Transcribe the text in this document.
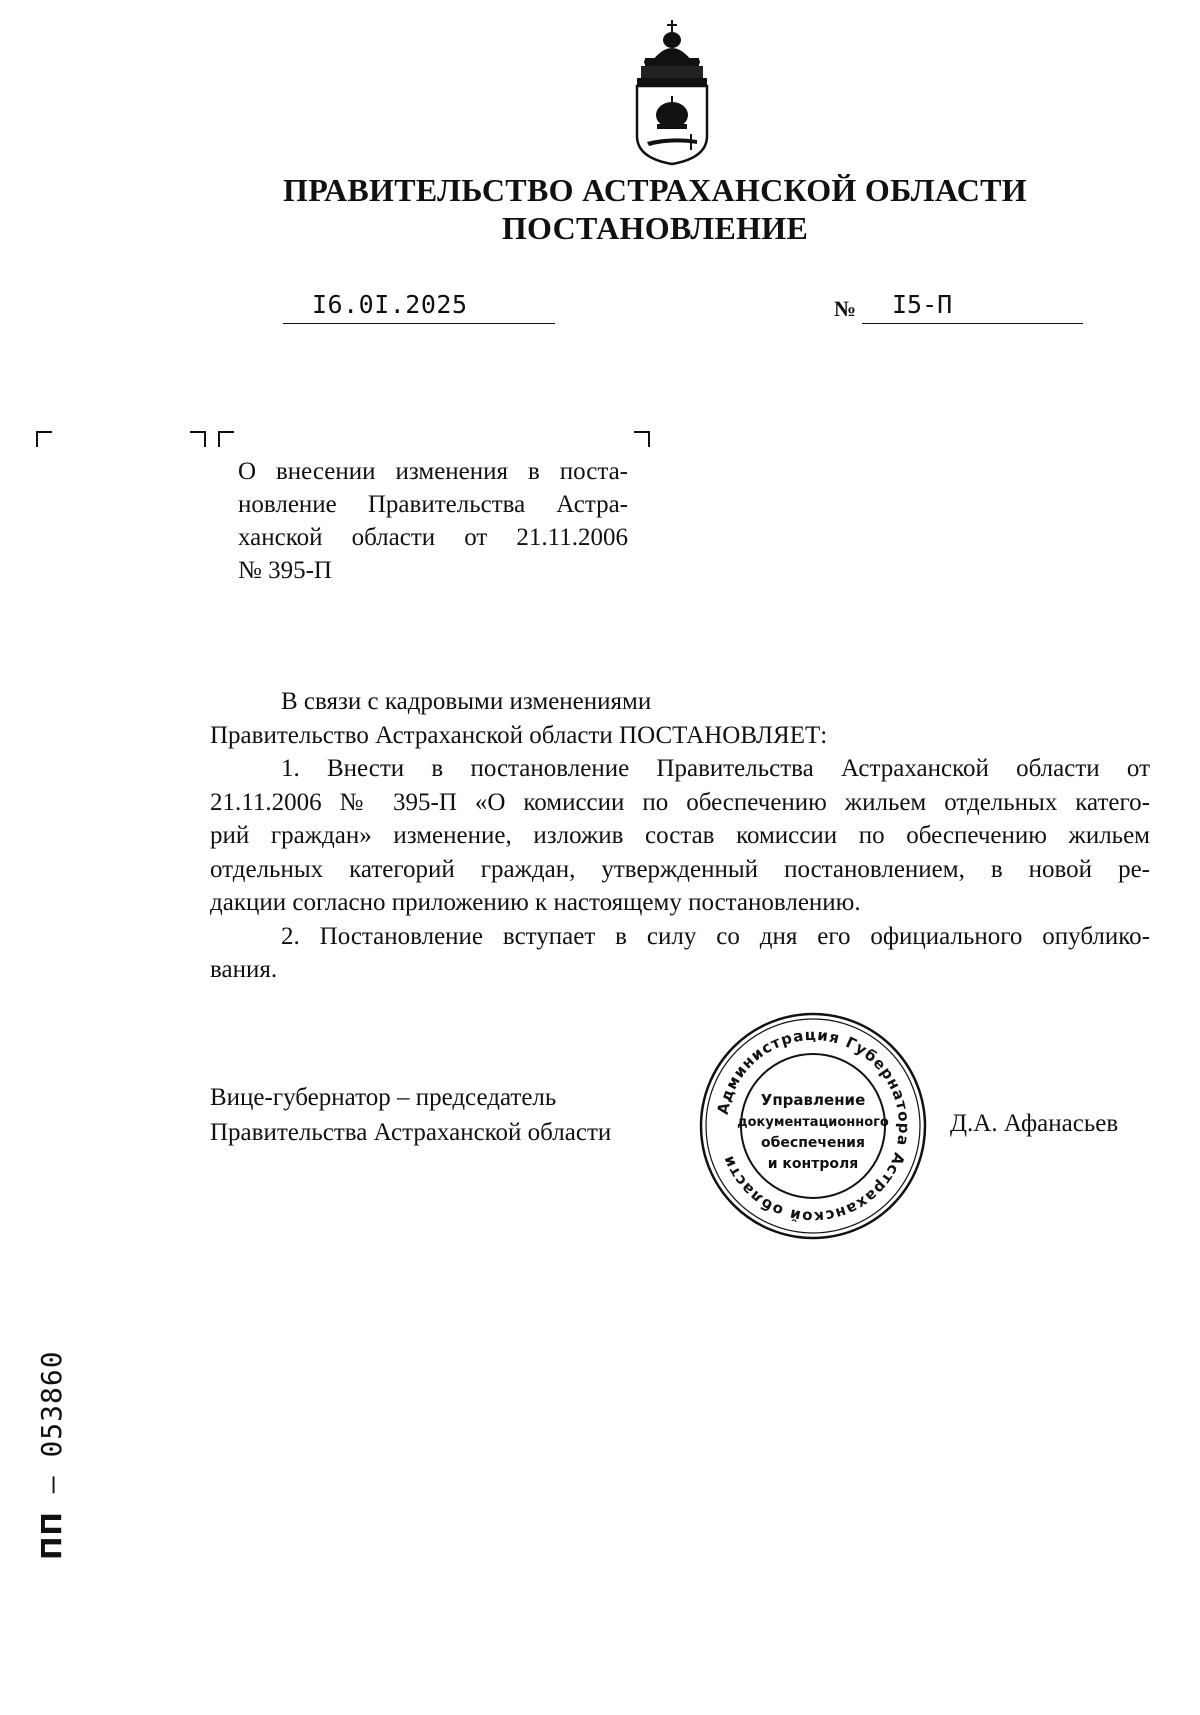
ПРАВИТЕЛЬСТВО АСТРАХАНСКОЙ ОБЛАСТИ
ПОСТАНОВЛЕНИЕ
I6.0I.2025	№ I5-П
О внесении изменения в поста-
новление Правительства Астра-
ханской области от 21.11.2006
№ 395-П
В связи с кадровыми изменениями
Правительство Астраханской области ПОСТАНОВЛЯЕТ:
1. Внести в постановление Правительства Астраханской области от
21.11.2006 № 395-П «О комиссии по обеспечению жильем отдельных катего-
рий граждан» изменение, изложив состав комиссии по обеспечению жильем
отдельных категорий граждан, утвержденный постановлением, в новой ре-
дакции согласно приложению к настоящему постановлению.
2. Постановление вступает в силу со дня его официального опублико-
вания.
Вице-губернатор – председатель
Правительства Астраханской области
Администрация Губернатора Астраханской области
Управление
документационного
обеспечения
и контроля
Д.А. Афанасьев
ПП – 053860
